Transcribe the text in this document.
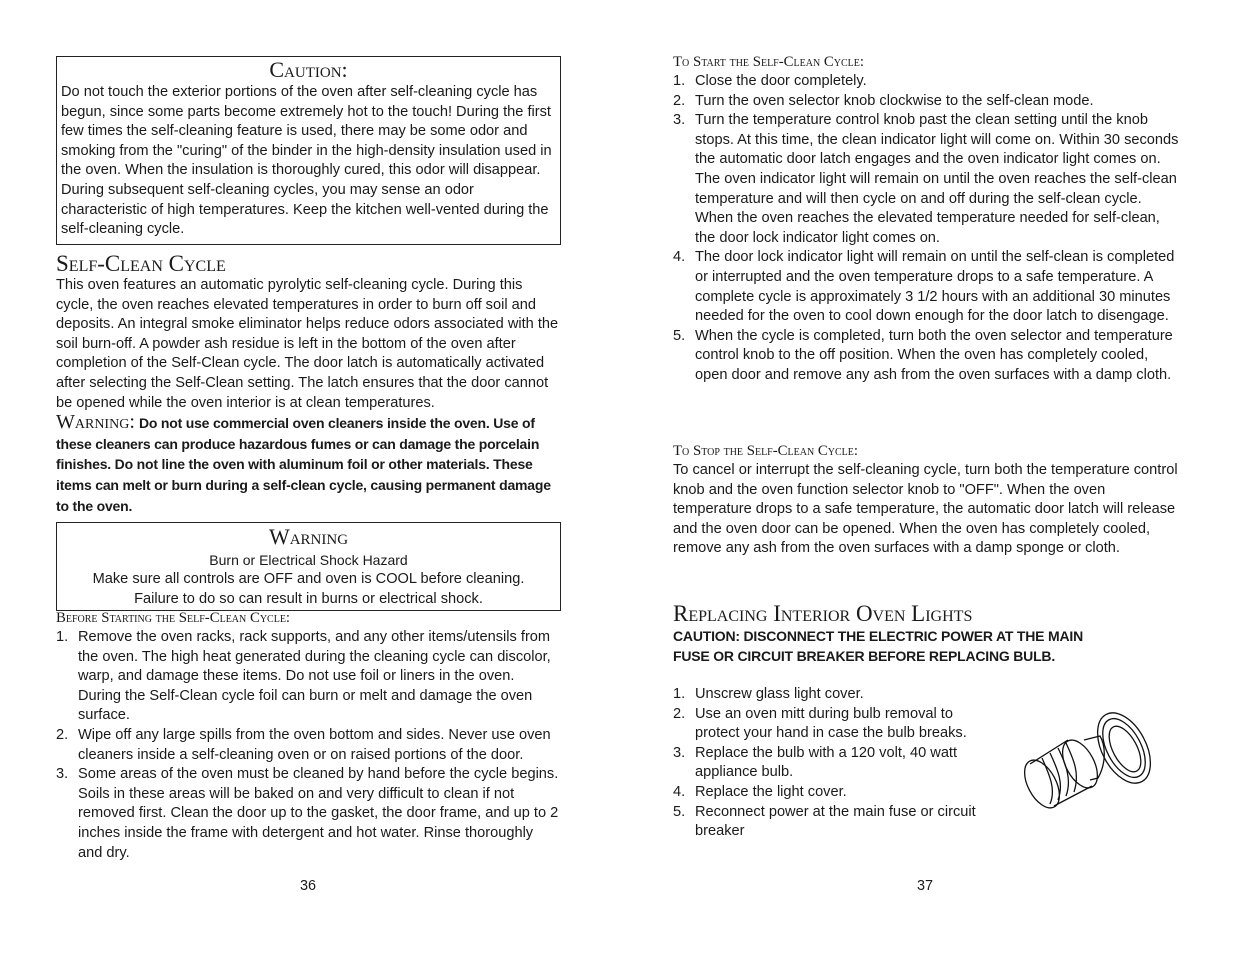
Caution:
Do not touch the exterior portions of the oven after self-cleaning cycle has begun, since some parts become extremely hot to the touch! During the first few times the self-cleaning feature is used, there may be some odor and smoking from the "curing" of the binder in the high-density insulation used in the oven. When the insulation is thoroughly cured, this odor will disappear. During subsequent self-cleaning cycles, you may sense an odor characteristic of high temperatures. Keep the kitchen well-vented during the self-cleaning cycle.
Self-Clean Cycle
This oven features an automatic pyrolytic self-cleaning cycle. During this cycle, the oven reaches elevated temperatures in order to burn off soil and deposits. An integral smoke eliminator helps reduce odors associated with the soil burn-off. A powder ash residue is left in the bottom of the oven after completion of the Self-Clean cycle. The door latch is automatically activated after selecting the Self-Clean setting. The latch ensures that the door cannot be opened while the oven interior is at clean temperatures.
Warning: Do not use commercial oven cleaners inside the oven. Use of these cleaners can produce hazardous fumes or can damage the porcelain finishes. Do not line the oven with aluminum foil or other materials. These items can melt or burn during a self-clean cycle, causing permanent damage to the oven.
Warning
Burn or Electrical Shock Hazard
Make sure all controls are OFF and oven is COOL before cleaning.
Failure to do so can result in burns or electrical shock.
Before Starting the Self-Clean Cycle:
1. Remove the oven racks, rack supports, and any other items/utensils from the oven. The high heat generated during the cleaning cycle can discolor, warp, and damage these items. Do not use foil or liners in the oven. During the Self-Clean cycle foil can burn or melt and damage the oven surface.
2. Wipe off any large spills from the oven bottom and sides. Never use oven cleaners inside a self-cleaning oven or on raised portions of the door.
3. Some areas of the oven must be cleaned by hand before the cycle begins. Soils in these areas will be baked on and very difficult to clean if not removed first. Clean the door up to the gasket, the door frame, and up to 2 inches inside the frame with detergent and hot water. Rinse thoroughly and dry.
36
To Start the Self-Clean Cycle:
1. Close the door completely.
2. Turn the oven selector knob clockwise to the self-clean mode.
3. Turn the temperature control knob past the clean setting until the knob stops. At this time, the clean indicator light will come on. Within 30 seconds the automatic door latch engages and the oven indicator light comes on. The oven indicator light will remain on until the oven reaches the self-clean temperature and will then cycle on and off during the self-clean cycle. When the oven reaches the elevated temperature needed for self-clean, the door lock indicator light comes on.
4. The door lock indicator light will remain on until the self-clean is completed or interrupted and the oven temperature drops to a safe temperature. A complete cycle is approximately 3 1/2 hours with an additional 30 minutes needed for the oven to cool down enough for the door latch to disengage.
5. When the cycle is completed, turn both the oven selector and temperature control knob to the off position. When the oven has completely cooled, open door and remove any ash from the oven surfaces with a damp cloth.
To Stop the Self-Clean Cycle:
To cancel or interrupt the self-cleaning cycle, turn both the temperature control knob and the oven function selector knob to "OFF". When the oven temperature drops to a safe temperature, the automatic door latch will release and the oven door can be opened. When the oven has completely cooled, remove any ash from the oven surfaces with a damp sponge or cloth.
Replacing Interior Oven Lights
CAUTION: DISCONNECT THE ELECTRIC POWER AT THE MAIN FUSE OR CIRCUIT BREAKER BEFORE REPLACING BULB.
1. Unscrew glass light cover.
2. Use an oven mitt during bulb removal to protect your hand in case the bulb breaks.
3. Replace the bulb with a 120 volt, 40 watt appliance bulb.
4. Replace the light cover.
5. Reconnect power at the main fuse or circuit breaker
37
